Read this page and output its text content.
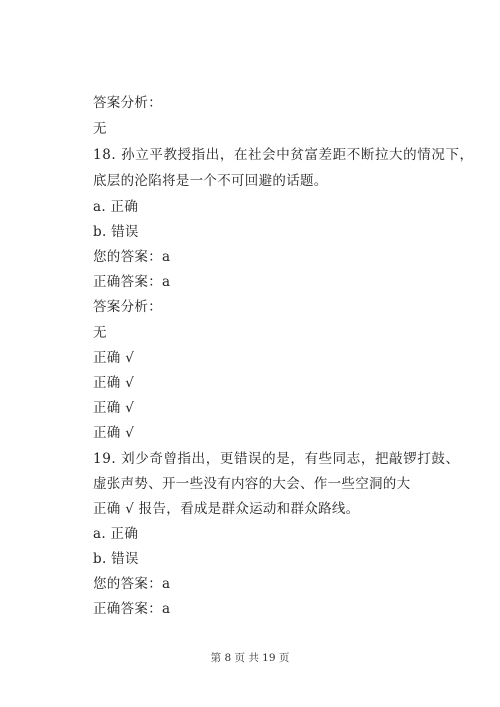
答案分析：
无
18. 孙立平教授指出，在社会中贫富差距不断拉大的情况下，
底层的沦陷将是一个不可回避的话题。
a. 正确
b. 错误
您的答案：a
正确答案：a
答案分析：
无
正确 √
正确 √
正确 √
正确 √
19. 刘少奇曾指出，更错误的是，有些同志，把敲锣打鼓、
虚张声势、开一些没有内容的大会、作一些空洞的大
正确 √ 报告，看成是群众运动和群众路线。
a. 正确
b. 错误
您的答案：a
正确答案：a
第 8 页 共 19 页
